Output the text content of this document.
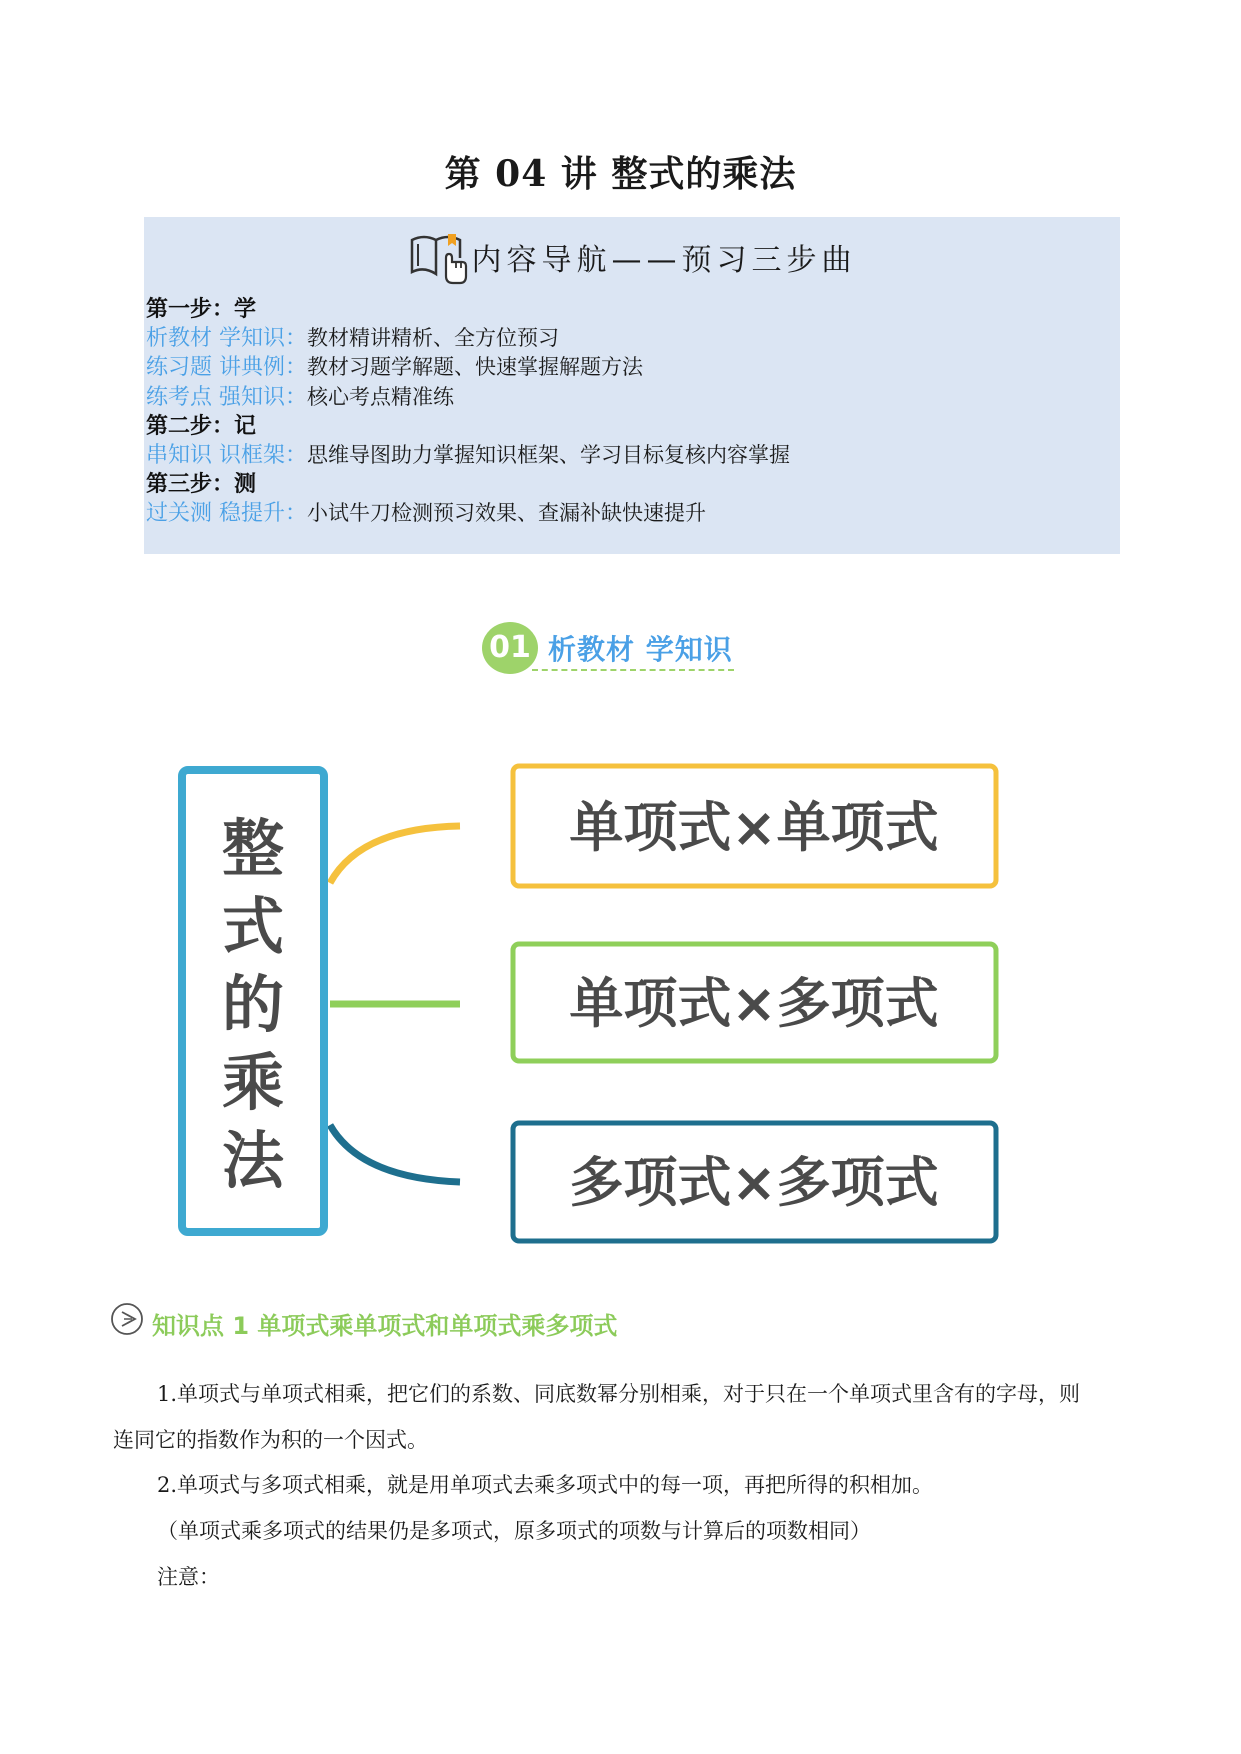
第 04 讲 整式的乘法
内容导航——预习三步曲
第一步：学
析教材 学知识：教材精讲精析、全方位预习
练习题 讲典例：教材习题学解题、快速掌握解题方法
练考点 强知识：核心考点精准练
第二步：记
串知识 识框架：思维导图助力掌握知识框架、学习目标复核内容掌握
第三步：测
过关测 稳提升：小试牛刀检测预习效果、查漏补缺快速提升
01 析教材 学知识
整
式
的
乘
法
单项式×单项式
单项式×多项式
多项式×多项式
知识点 1 单项式乘单项式和单项式乘多项式
1.单项式与单项式相乘，把它们的系数、同底数幂分别相乘，对于只在一个单项式里含有的字母，则
连同它的指数作为积的一个因式。
2.单项式与多项式相乘，就是用单项式去乘多项式中的每一项，再把所得的积相加。
（单项式乘多项式的结果仍是多项式，原多项式的项数与计算后的项数相同）
注意：
